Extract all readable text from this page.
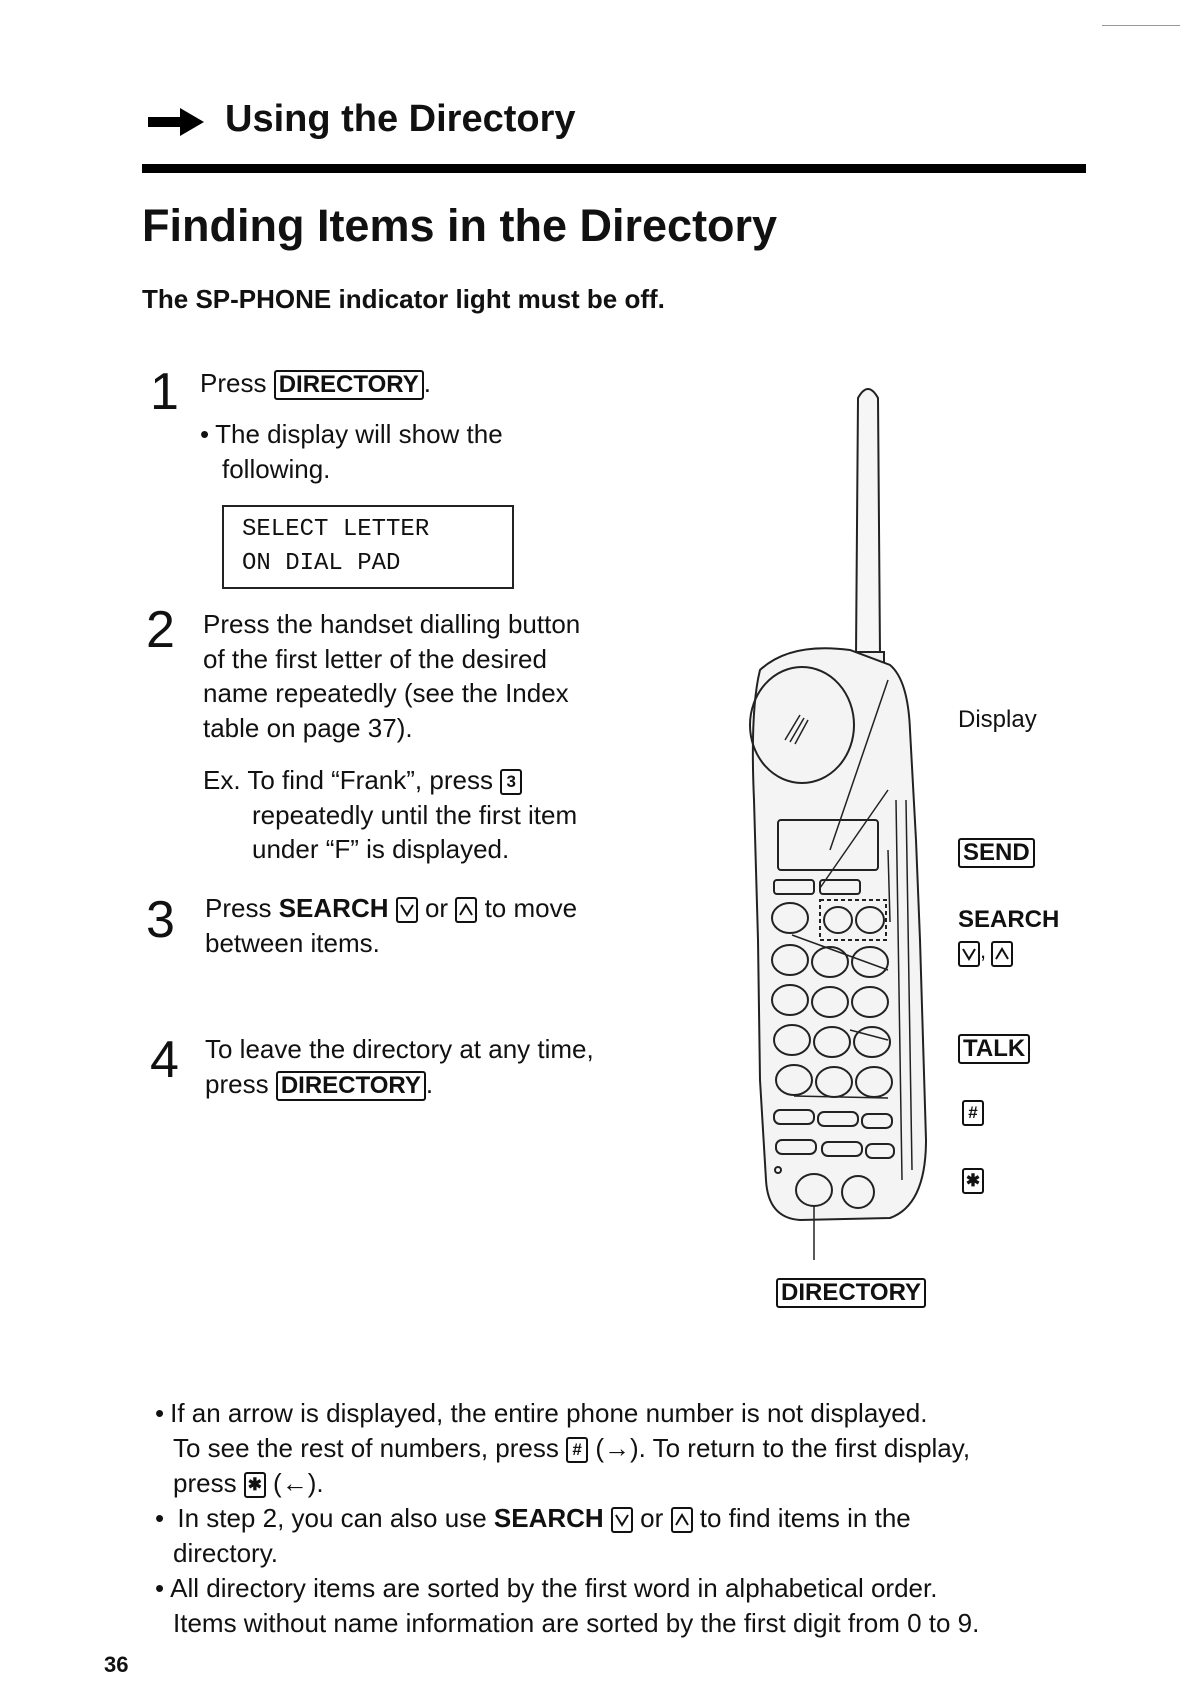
Using the Directory
Finding Items in the Directory
The SP-PHONE indicator light must be off.
1 Press DIRECTORY .
• The display will show the
following.
SELECT LETTER
ON DIAL PAD
2 Press the handset dialling button
of the first letter of the desired
name repeatedly (see the Index
table on page 37).
Ex. To find “Frank”, press 3
repeatedly until the first item
under “F” is displayed.
3 Press SEARCH or to move
between items.
4 To leave the directory at any time,
press DIRECTORY .
Display
SEND
SEARCH
,
TALK
#
✱
DIRECTORY
• If an arrow is displayed, the entire phone number is not displayed.
To see the rest of numbers, press # (→). To return to the first display,
press ✱ (←).
• In step 2, you can also use SEARCH or to find items in the
directory.
• All directory items are sorted by the first word in alphabetical order.
Items without name information are sorted by the first digit from 0 to 9.
36
